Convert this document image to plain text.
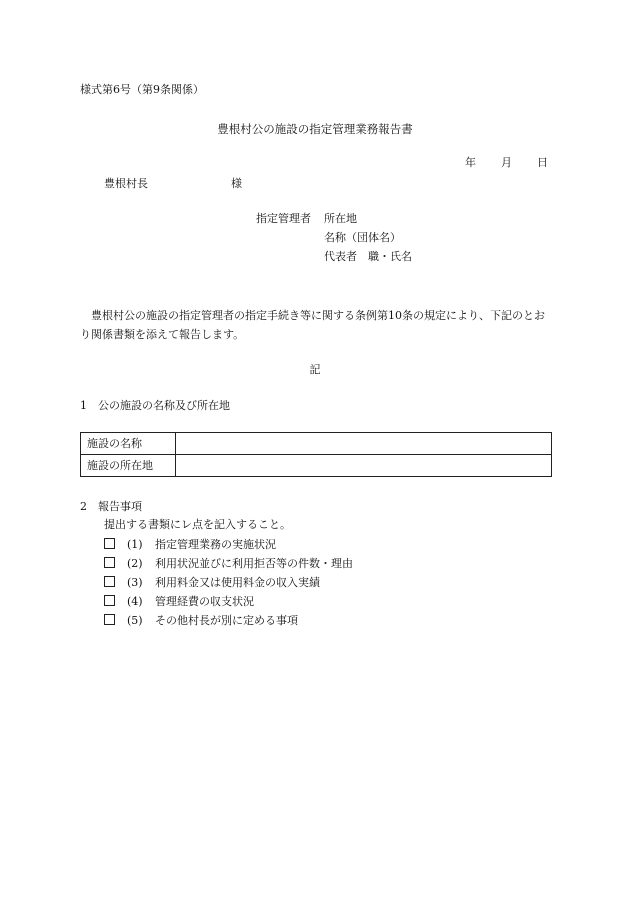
様式第6号（第9条関係）
豊根村公の施設の指定管理業務報告書
年 月 日
豊根村長	様
指定管理者 所在地
名称（団体名）
代表者　職・氏名
豊根村公の施設の指定管理者の指定手続き等に関する条例第10条の規定により、下記のとおり関係書類を添えて報告します。
記
1　公の施設の名称及び所在地
施設の名称	
施設の所在地	
2　報告事項
提出する書類にレ点を記入すること。
(1) 指定管理業務の実施状況
(2) 利用状況並びに利用拒否等の件数・理由
(3) 利用料金又は使用料金の収入実績
(4) 管理経費の収支状況
(5) その他村長が別に定める事項
